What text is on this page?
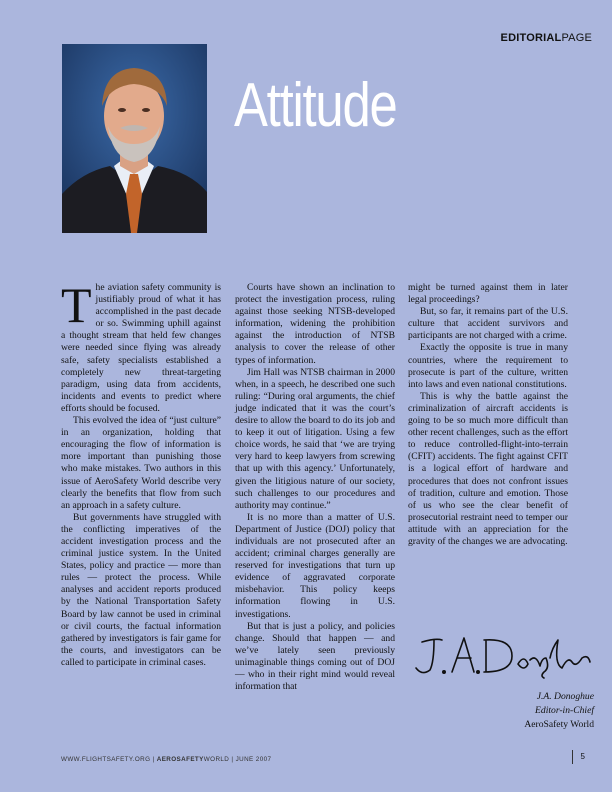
EDITORIALPAGE
Attitude

The aviation safety community is justifiably proud of what it has accomplished in the past decade or so. Swimming uphill against a thought stream that held few changes were needed since flying was already safe, safety specialists established a completely new threat-targeting paradigm, using data from accidents, incidents and events to predict where efforts should be focused.

This evolved the idea of “just culture” in an organization, holding that encouraging the flow of information is more important than punishing those who make mistakes. Two authors in this issue of AeroSafety World describe very clearly the benefits that flow from such an approach in a safety culture.

But governments have struggled with the conflicting imperatives of the accident investigation process and the criminal justice system. In the United States, policy and practice — more than rules — protect the process. While analyses and accident reports produced by the National Transportation Safety Board by law cannot be used in criminal or civil courts, the factual information gathered by investigators is fair game for the courts, and investigators can be called to participate in criminal cases.

Courts have shown an inclination to protect the investigation process, ruling against those seeking NTSB-developed information, widening the prohibition against the introduction of NTSB analysis to cover the release of other types of information.

Jim Hall was NTSB chairman in 2000 when, in a speech, he described one such ruling: “During oral arguments, the chief judge indicated that it was the court’s desire to allow the board to do its job and to keep it out of litigation. Using a few choice words, he said that ‘we are trying very hard to keep lawyers from screwing that up with this agency.’ Unfortunately, given the litigious nature of our society, such challenges to our procedures and authority may continue.”

It is no more than a matter of U.S. Department of Justice (DOJ) policy that individuals are not prosecuted after an accident; criminal charges generally are reserved for investigations that turn up evidence of aggravated corporate misbehavior. This policy keeps information flowing in U.S. investigations.

But that is just a policy, and policies change. Should that happen — and we’ve lately seen previously unimaginable things coming out of DOJ — who in their right mind would reveal information that

might be turned against them in later legal proceedings?

But, so far, it remains part of the U.S. culture that accident survivors and participants are not charged with a crime.

Exactly the opposite is true in many countries, where the requirement to prosecute is part of the culture, written into laws and even national constitutions.

This is why the battle against the criminalization of aircraft accidents is going to be so much more difficult than other recent challenges, such as the effort to reduce controlled-flight-into-terrain (CFIT) accidents. The fight against CFIT is a logical effort of hardware and procedures that does not confront issues of tradition, culture and emotion. Those of us who see the clear benefit of prosecutorial restraint need to temper our attitude with an appreciation for the gravity of the changes we are advocating.

J.A. Donoghue
Editor-in-Chief
AeroSafety World
WWW.FLIGHTSAFETY.ORG | AEROSAFETYWORLD | JUNE 2007	5
